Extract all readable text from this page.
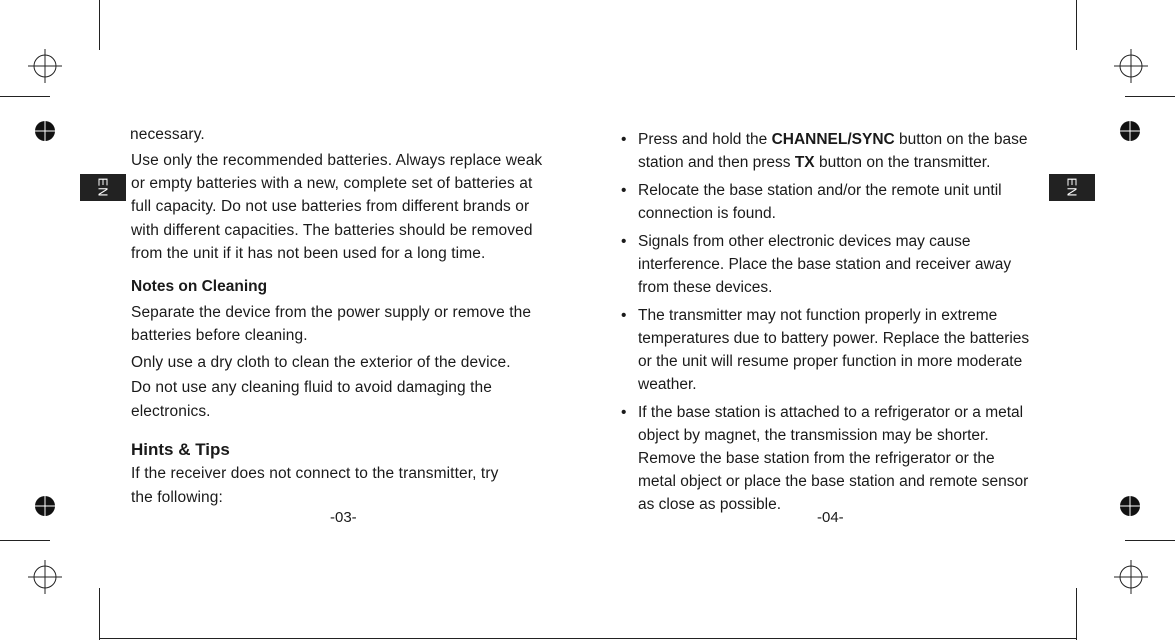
EN	EN

necessary.

Use only the recommended batteries. Always replace weak

or empty batteries with a new, complete set of batteries at

full capacity. Do not use batteries from different brands or

with different capacities. The batteries should be removed

from the unit if it has not been used for a long time.

Notes on Cleaning

Separate the device from the power supply or remove the

batteries before cleaning.

Only use a dry cloth to clean the exterior of the device.

Do not use any cleaning fluid to avoid damaging the

electronics.

Hints & Tips

If the receiver does not connect to the transmitter, try

the following:

-03-
• Press and hold the CHANNEL/SYNC button on the base
station and then press TX button on the transmitter.
• Relocate the base station and/or the remote unit until
connection is found.
• Signals from other electronic devices may cause
interference. Place the base station and receiver away
from these devices.
• The transmitter may not function properly in extreme
temperatures due to battery power. Replace the batteries
or the unit will resume proper function in more moderate
weather.
• If the base station is attached to a refrigerator or a metal
object by magnet, the transmission may be shorter.
Remove the base station from the refrigerator or the
metal object or place the base station and remote sensor
as close as possible.
-04-
